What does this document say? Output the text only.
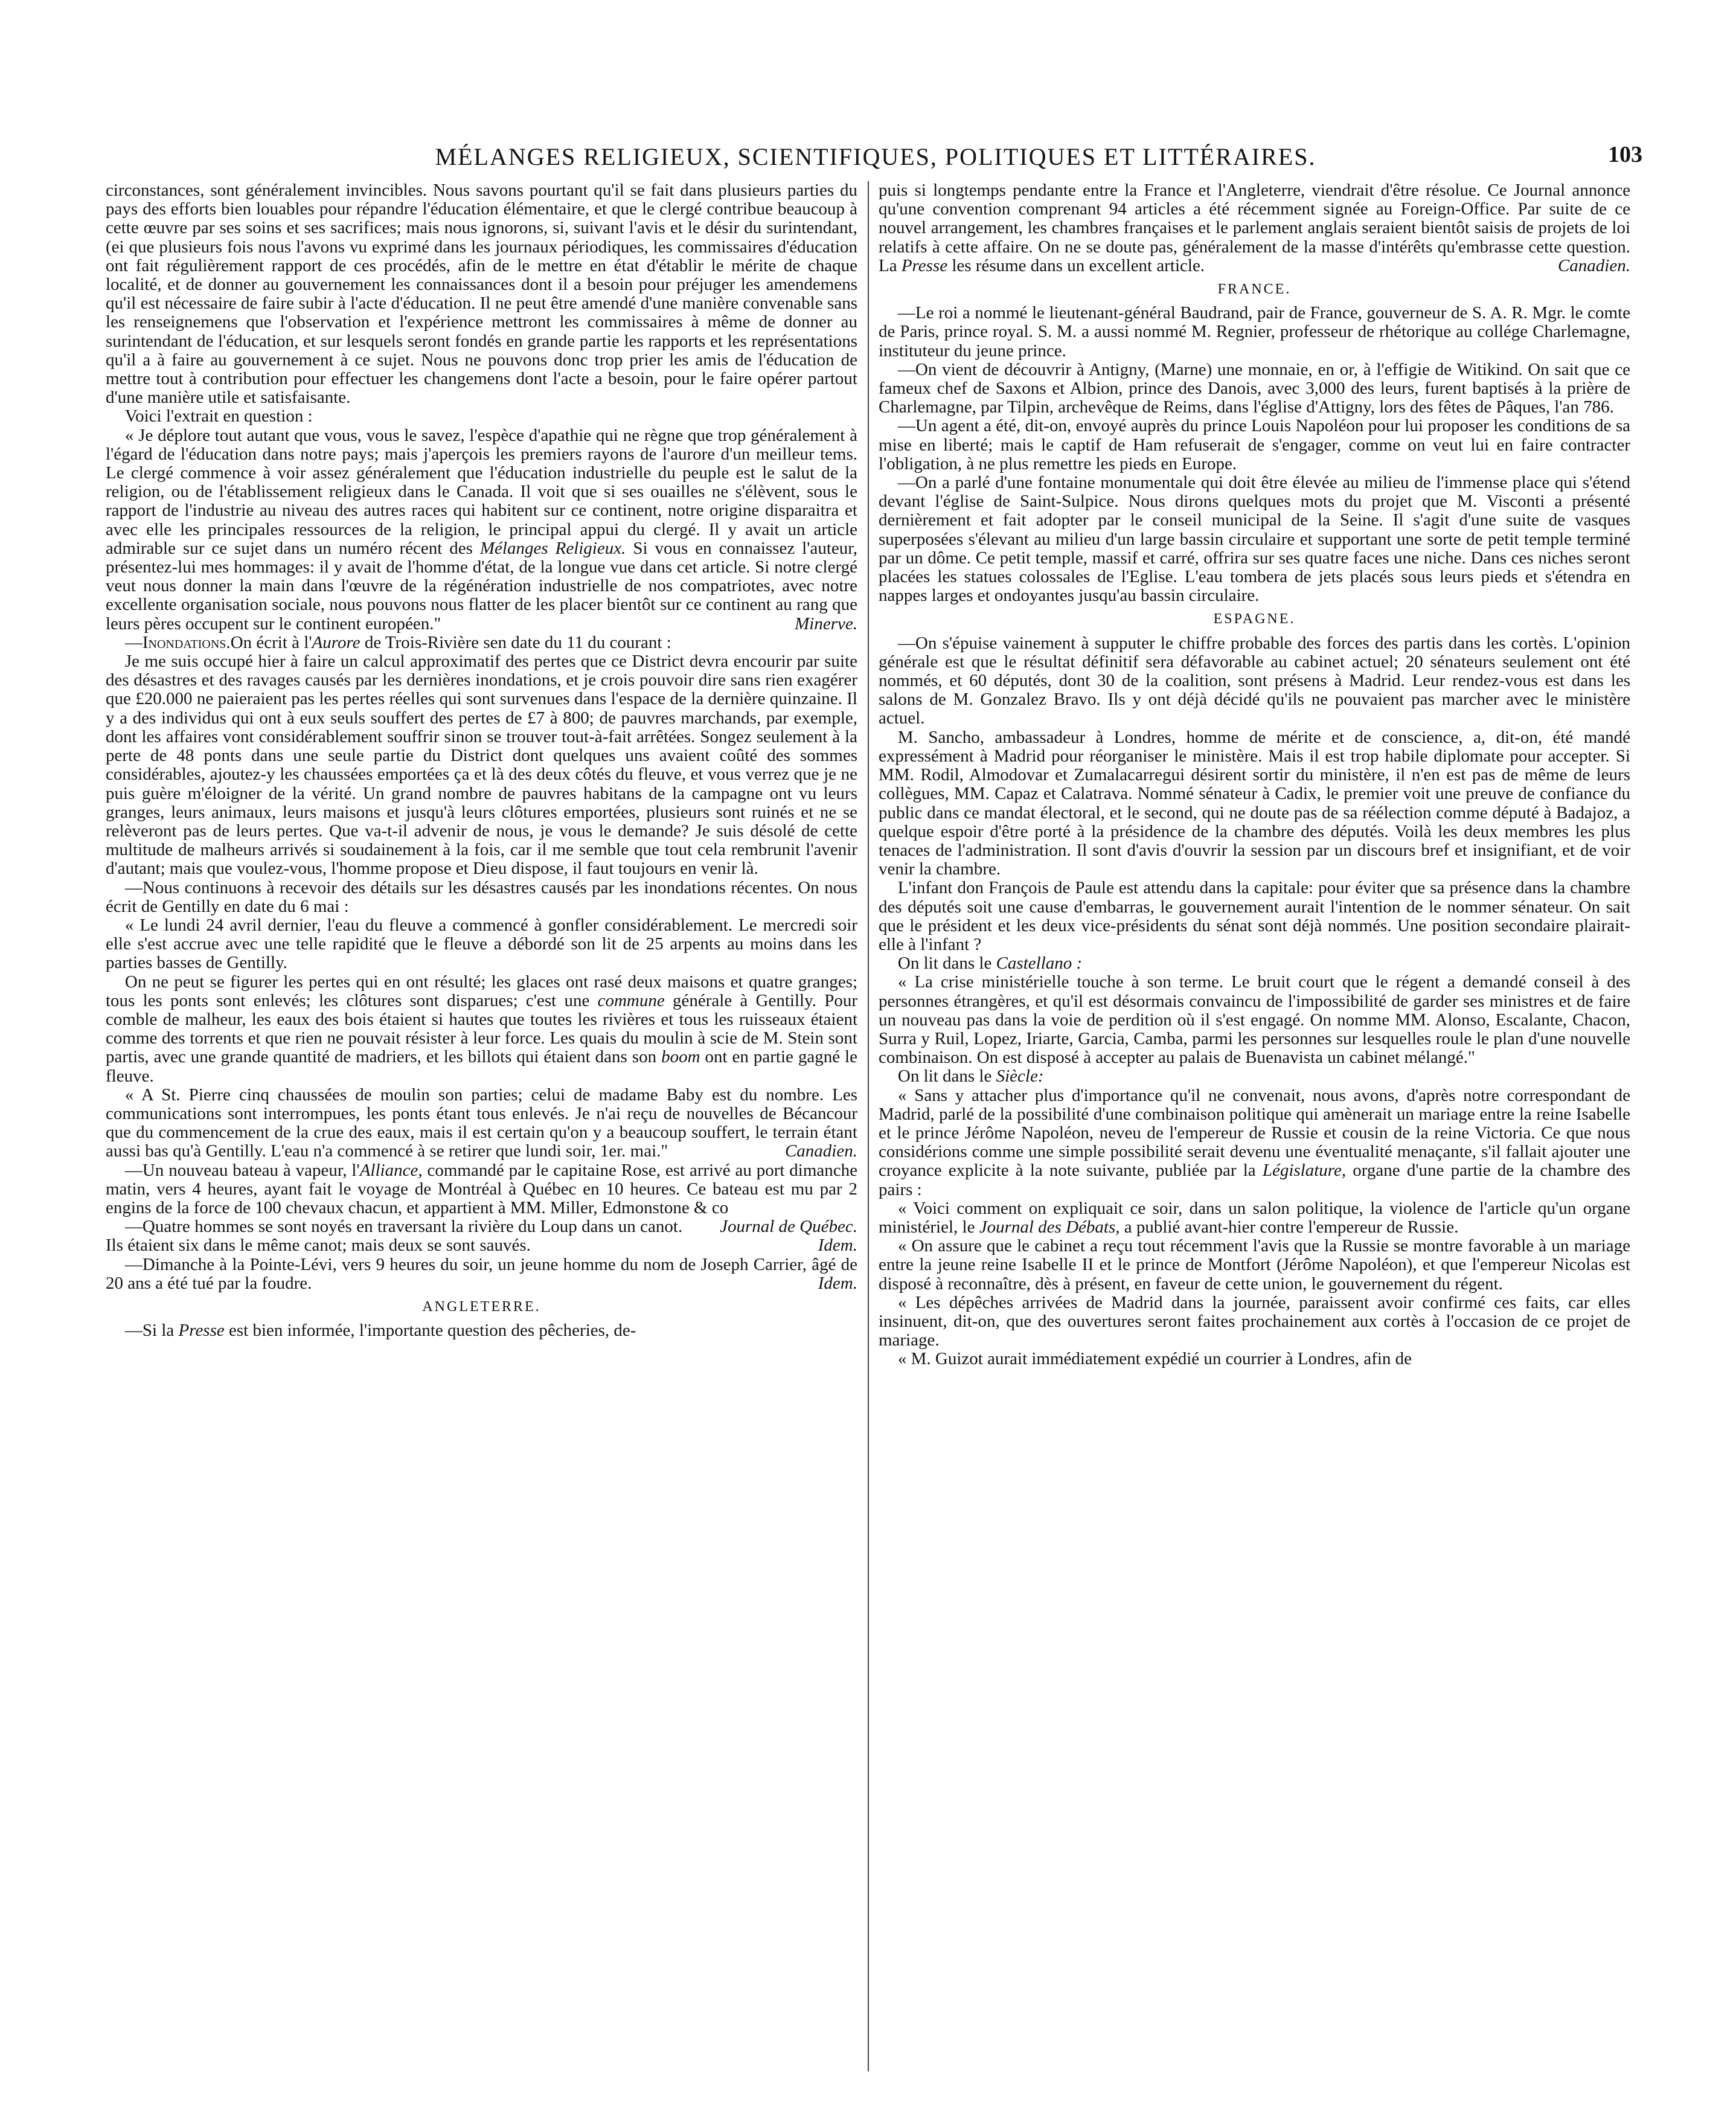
MÉLANGES RELIGIEUX, SCIENTIFIQUES, POLITIQUES ET LITTÉRAIRES.	103

circonstances, sont généralement invincibles. Nous savons pourtant qu'il se fait dans plusieurs parties du pays des efforts bien louables pour répandre l'éducation élémentaire, et que le clergé contribue beaucoup à cette œuvre par ses soins et ses sacrifices; mais nous ignorons, si, suivant l'avis et le désir du surintendant, (ei que plusieurs fois nous l'avons vu exprimé dans les journaux périodiques, les commissaires d'éducation ont fait régulièrement rapport de ces procédés, afin de le mettre en état d'établir le mérite de chaque localité, et de donner au gouvernement les connaissances dont il a besoin pour préjuger les amendemens qu'il est nécessaire de faire subir à l'acte d'éducation. Il ne peut être amendé d'une manière convenable sans les renseignemens que l'observation et l'expérience mettront les commissaires à même de donner au surintendant de l'éducation, et sur lesquels seront fondés en grande partie les rapports et les représentations qu'il a à faire au gouvernement à ce sujet. Nous ne pouvons donc trop prier les amis de l'éducation de mettre tout à contribution pour effectuer les changemens dont l'acte a besoin, pour le faire opérer partout d'une manière utile et satisfaisante.

Voici l'extrait en question :

« Je déplore tout autant que vous, vous le savez, l'espèce d'apathie qui ne règne que trop généralement à l'égard de l'éducation dans notre pays; mais j'aperçois les premiers rayons de l'aurore d'un meilleur tems. Le clergé commence à voir assez généralement que l'éducation industrielle du peuple est le salut de la religion, ou de l'établissement religieux dans le Canada. Il voit que si ses ouailles ne s'élèvent, sous le rapport de l'industrie au niveau des autres races qui habitent sur ce continent, notre origine disparaitra et avec elle les principales ressources de la religion, le principal appui du clergé. Il y avait un article admirable sur ce sujet dans un numéro récent des Mélanges Religieux. Si vous en connaissez l'auteur, présentez-lui mes hommages: il y avait de l'homme d'état, de la longue vue dans cet article. Si notre clergé veut nous donner la main dans l'œuvre de la régénération industrielle de nos compatriotes, avec notre excellente organisation sociale, nous pouvons nous flatter de les placer bientôt sur ce continent au rang que leurs pères occupent sur le continent européen."	Minerve.

—Inondations.On écrit à l'Aurore de Trois-Rivière sen date du 11 du courant :

Je me suis occupé hier à faire un calcul approximatif des pertes que ce District devra encourir par suite des désastres et des ravages causés par les dernières inondations, et je crois pouvoir dire sans rien exagérer que £20.000 ne paieraient pas les pertes réelles qui sont survenues dans l'espace de la dernière quinzaine. Il y a des individus qui ont à eux seuls souffert des pertes de £7 à 800; de pauvres marchands, par exemple, dont les affaires vont considérablement souffrir sinon se trouver tout-à-fait arrêtées. Songez seulement à la perte de 48 ponts dans une seule partie du District dont quelques uns avaient coûté des sommes considérables, ajoutez-y les chaussées emportées ça et là des deux côtés du fleuve, et vous verrez que je ne puis guère m'éloigner de la vérité. Un grand nombre de pauvres habitans de la campagne ont vu leurs granges, leurs animaux, leurs maisons et jusqu'à leurs clôtures emportées, plusieurs sont ruinés et ne se relèveront pas de leurs pertes. Que va-t-il advenir de nous, je vous le demande? Je suis désolé de cette multitude de malheurs arrivés si soudainement à la fois, car il me semble que tout cela rembrunit l'avenir d'autant; mais que voulez-vous, l'homme propose et Dieu dispose, il faut toujours en venir là.

—Nous continuons à recevoir des détails sur les désastres causés par les inondations récentes. On nous écrit de Gentilly en date du 6 mai :

« Le lundi 24 avril dernier, l'eau du fleuve a commencé à gonfler considérablement. Le mercredi soir elle s'est accrue avec une telle rapidité que le fleuve a débordé son lit de 25 arpents au moins dans les parties basses de Gentilly.

On ne peut se figurer les pertes qui en ont résulté; les glaces ont rasé deux maisons et quatre granges; tous les ponts sont enlevés; les clôtures sont disparues; c'est une commune générale à Gentilly. Pour comble de malheur, les eaux des bois étaient si hautes que toutes les rivières et tous les ruisseaux étaient comme des torrents et que rien ne pouvait résister à leur force. Les quais du moulin à scie de M. Stein sont partis, avec une grande quantité de madriers, et les billots qui étaient dans son boom ont en partie gagné le fleuve.

« A St. Pierre cinq chaussées de moulin son parties; celui de madame Baby est du nombre. Les communications sont interrompues, les ponts étant tous enlevés. Je n'ai reçu de nouvelles de Bécancour que du commencement de la crue des eaux, mais il est certain qu'on y a beaucoup souffert, le terrain étant aussi bas qu'à Gentilly. L'eau n'a commencé à se retirer que lundi soir, 1er. mai."	Canadien.

—Un nouveau bateau à vapeur, l'Alliance, commandé par le capitaine Rose, est arrivé au port dimanche matin, vers 4 heures, ayant fait le voyage de Montréal à Québec en 10 heures. Ce bateau est mu par 2 engins de la force de 100 chevaux chacun, et appartient à MM. Miller, Edmonstone & co
Journal de Québec.

—Quatre hommes se sont noyés en traversant la rivière du Loup dans un canot. Ils étaient six dans le même canot; mais deux se sont sauvés.	Idem.

—Dimanche à la Pointe-Lévi, vers 9 heures du soir, un jeune homme du nom de Joseph Carrier, âgé de 20 ans a été tué par la foudre.	Idem.

ANGLETERRE.

—Si la Presse est bien informée, l'importante question des pêcheries, de-

puis si longtemps pendante entre la France et l'Angleterre, viendrait d'être résolue. Ce Journal annonce qu'une convention comprenant 94 articles a été récemment signée au Foreign-Office. Par suite de ce nouvel arrangement, les chambres françaises et le parlement anglais seraient bientôt saisis de projets de loi relatifs à cette affaire. On ne se doute pas, généralement de la masse d'intérêts qu'embrasse cette question. La Presse les résume dans un excellent article.	Canadien.

FRANCE.

—Le roi a nommé le lieutenant-général Baudrand, pair de France, gouverneur de S. A. R. Mgr. le comte de Paris, prince royal. S. M. a aussi nommé M. Regnier, professeur de rhétorique au collége Charlemagne, instituteur du jeune prince.

—On vient de découvrir à Antigny, (Marne) une monnaie, en or, à l'effigie de Witikind. On sait que ce fameux chef de Saxons et Albion, prince des Danois, avec 3,000 des leurs, furent baptisés à la prière de Charlemagne, par Tilpin, archevêque de Reims, dans l'église d'Attigny, lors des fêtes de Pâques, l'an 786.

—Un agent a été, dit-on, envoyé auprès du prince Louis Napoléon pour lui proposer les conditions de sa mise en liberté; mais le captif de Ham refuserait de s'engager, comme on veut lui en faire contracter l'obligation, à ne plus remettre les pieds en Europe.

—On a parlé d'une fontaine monumentale qui doit être élevée au milieu de l'immense place qui s'étend devant l'église de Saint-Sulpice. Nous dirons quelques mots du projet que M. Visconti a présenté dernièrement et fait adopter par le conseil municipal de la Seine. Il s'agit d'une suite de vasques superposées s'élevant au milieu d'un large bassin circulaire et supportant une sorte de petit temple terminé par un dôme. Ce petit temple, massif et carré, offrira sur ses quatre faces une niche. Dans ces niches seront placées les statues colossales de l'Eglise. L'eau tombera de jets placés sous leurs pieds et s'étendra en nappes larges et ondoyantes jusqu'au bassin circulaire.

ESPAGNE.

—On s'épuise vainement à supputer le chiffre probable des forces des partis dans les cortès. L'opinion générale est que le résultat définitif sera défavorable au cabinet actuel; 20 sénateurs seulement ont été nommés, et 60 députés, dont 30 de la coalition, sont présens à Madrid. Leur rendez-vous est dans les salons de M. Gonzalez Bravo. Ils y ont déjà décidé qu'ils ne pouvaient pas marcher avec le ministère actuel.

M. Sancho, ambassadeur à Londres, homme de mérite et de conscience, a, dit-on, été mandé expressément à Madrid pour réorganiser le ministère. Mais il est trop habile diplomate pour accepter. Si MM. Rodil, Almodovar et Zumalacarregui désirent sortir du ministère, il n'en est pas de même de leurs collègues, MM. Capaz et Calatrava. Nommé sénateur à Cadix, le premier voit une preuve de confiance du public dans ce mandat électoral, et le second, qui ne doute pas de sa réélection comme député à Badajoz, a quelque espoir d'être porté à la présidence de la chambre des députés. Voilà les deux membres les plus tenaces de l'administration. Il sont d'avis d'ouvrir la session par un discours bref et insignifiant, et de voir venir la chambre.

L'infant don François de Paule est attendu dans la capitale: pour éviter que sa présence dans la chambre des députés soit une cause d'embarras, le gouvernement aurait l'intention de le nommer sénateur. On sait que le président et les deux vice-présidents du sénat sont déjà nommés. Une position secondaire plairait-elle à l'infant ?

On lit dans le Castellano :

« La crise ministérielle touche à son terme. Le bruit court que le régent a demandé conseil à des personnes étrangères, et qu'il est désormais convaincu de l'impossibilité de garder ses ministres et de faire un nouveau pas dans la voie de perdition où il s'est engagé. On nomme MM. Alonso, Escalante, Chacon, Surra y Ruil, Lopez, Iriarte, Garcia, Camba, parmi les personnes sur lesquelles roule le plan d'une nouvelle combinaison. On est disposé à accepter au palais de Buenavista un cabinet mélangé."

On lit dans le Siècle:

« Sans y attacher plus d'importance qu'il ne convenait, nous avons, d'après notre correspondant de Madrid, parlé de la possibilité d'une combinaison politique qui amènerait un mariage entre la reine Isabelle et le prince Jérôme Napoléon, neveu de l'empereur de Russie et cousin de la reine Victoria. Ce que nous considérions comme une simple possibilité serait devenu une éventualité menaçante, s'il fallait ajouter une croyance explicite à la note suivante, publiée par la Législature, organe d'une partie de la chambre des pairs :

« Voici comment on expliquait ce soir, dans un salon politique, la violence de l'article qu'un organe ministériel, le Journal des Débats, a publié avant-hier contre l'empereur de Russie.

« On assure que le cabinet a reçu tout récemment l'avis que la Russie se montre favorable à un mariage entre la jeune reine Isabelle II et le prince de Montfort (Jérôme Napoléon), et que l'empereur Nicolas est disposé à reconnaître, dès à présent, en faveur de cette union, le gouvernement du régent.

« Les dépêches arrivées de Madrid dans la journée, paraissent avoir confirmé ces faits, car elles insinuent, dit-on, que des ouvertures seront faites prochainement aux cortès à l'occasion de ce projet de mariage.

« M. Guizot aurait immédiatement expédié un courrier à Londres, afin de
